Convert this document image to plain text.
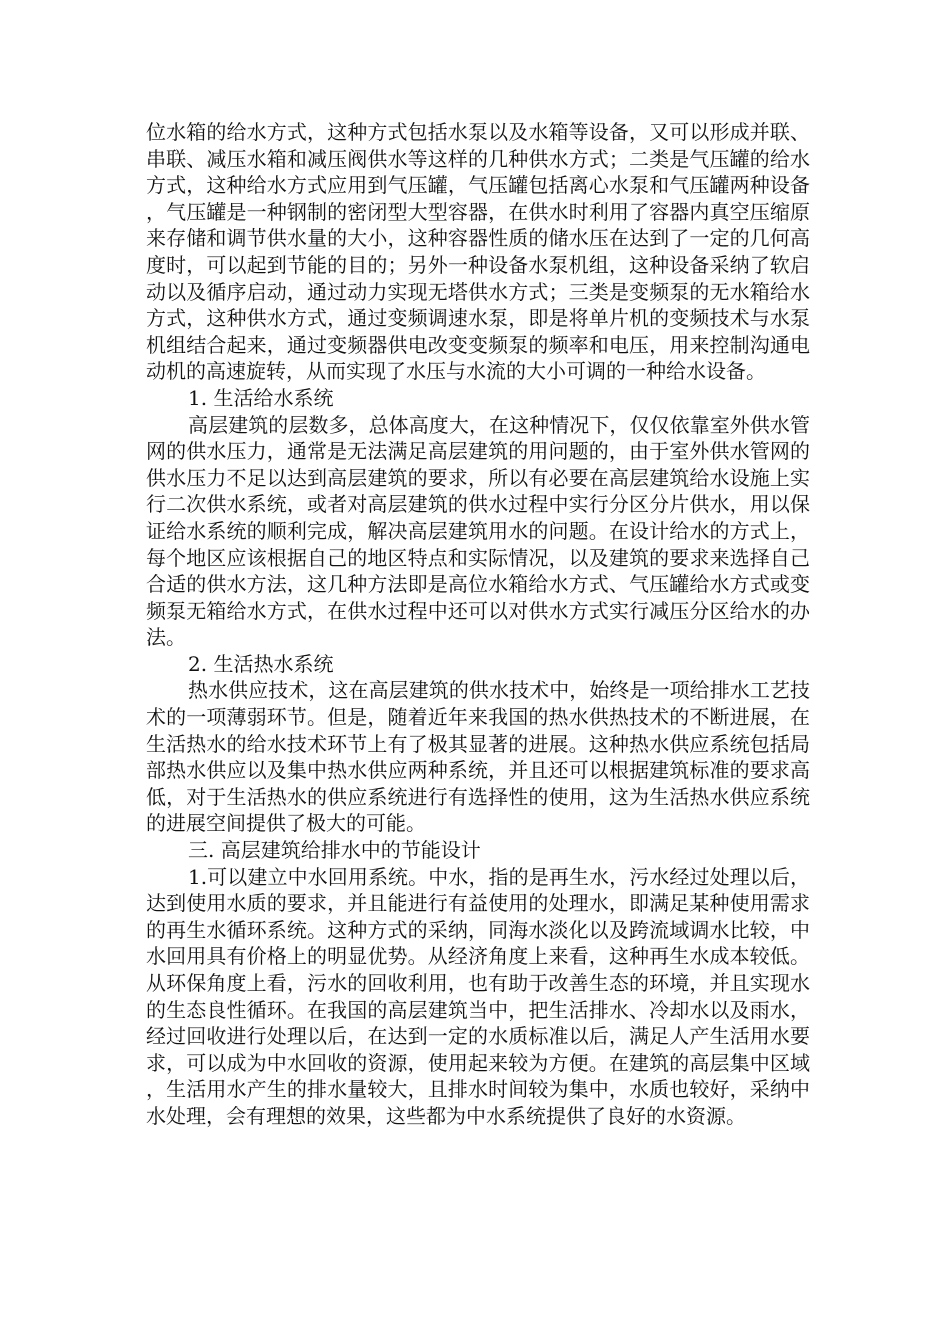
位水箱的给水方式，这种方式包括水泵以及水箱等设备，又可以形成并联、串联、减压水箱和减压阀供水等这样的几种供水方式；二类是气压罐的给水方式，这种给水方式应用到气压罐，气压罐包括离心水泵和气压罐两种设备，气压罐是一种钢制的密闭型大型容器，在供水时利用了容器内真空压缩原来存储和调节供水量的大小，这种容器性质的储水压在达到了一定的几何高度时，可以起到节能的目的；另外一种设备水泵机组，这种设备采纳了软启动以及循序启动，通过动力实现无塔供水方式；三类是变频泵的无水箱给水方式，这种供水方式，通过变频调速水泵，即是将单片机的变频技术与水泵机组结合起来，通过变频器供电改变变频泵的频率和电压，用来控制沟通电动机的高速旋转，从而实现了水压与水流的大小可调的一种给水设备。

1. 生活给水系统

高层建筑的层数多，总体高度大，在这种情况下，仅仅依靠室外供水管网的供水压力，通常是无法满足高层建筑的用问题的，由于室外供水管网的供水压力不足以达到高层建筑的要求，所以有必要在高层建筑给水设施上实行二次供水系统，或者对高层建筑的供水过程中实行分区分片供水，用以保证给水系统的顺利完成，解决高层建筑用水的问题。在设计给水的方式上，每个地区应该根据自己的地区特点和实际情况，以及建筑的要求来选择自己合适的供水方法，这几种方法即是高位水箱给水方式、气压罐给水方式或变频泵无箱给水方式，在供水过程中还可以对供水方式实行减压分区给水的办法。

2. 生活热水系统

热水供应技术，这在高层建筑的供水技术中，始终是一项给排水工艺技术的一项薄弱环节。但是，随着近年来我国的热水供热技术的不断进展，在生活热水的给水技术环节上有了极其显著的进展。这种热水供应系统包括局部热水供应以及集中热水供应两种系统，并且还可以根据建筑标准的要求高低，对于生活热水的供应系统进行有选择性的使用，这为生活热水供应系统的进展空间提供了极大的可能。

三. 高层建筑给排水中的节能设计

1.可以建立中水回用系统。中水，指的是再生水，污水经过处理以后，达到使用水质的要求，并且能进行有益使用的处理水，即满足某种使用需求的再生水循环系统。这种方式的采纳，同海水淡化以及跨流域调水比较，中水回用具有价格上的明显优势。从经济角度上来看，这种再生水成本较低。从环保角度上看，污水的回收利用，也有助于改善生态的环境，并且实现水的生态良性循环。在我国的高层建筑当中，把生活排水、冷却水以及雨水，经过回收进行处理以后，在达到一定的水质标准以后，满足人产生活用水要求，可以成为中水回收的资源，使用起来较为方便。在建筑的高层集中区域，生活用水产生的排水量较大，且排水时间较为集中，水质也较好，采纳中水处理，会有理想的效果，这些都为中水系统提供了良好的水资源。
